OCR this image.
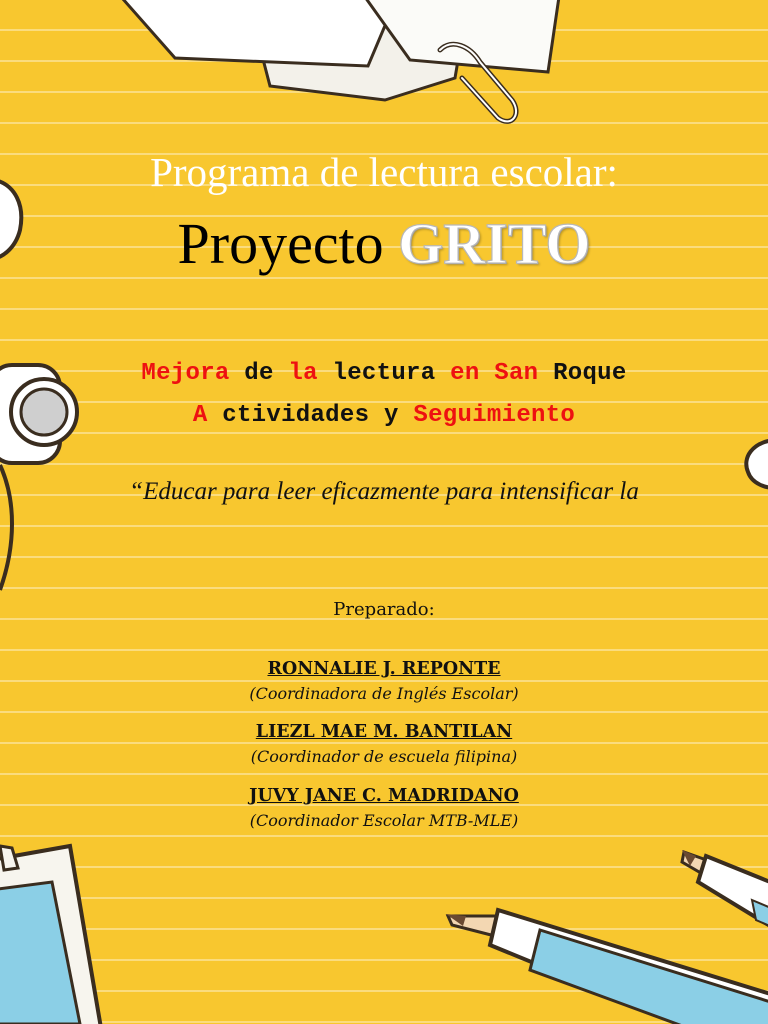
Programa de lectura escolar:
Proyecto GRITO
Mejora de la lectura en San Roque
A ctividades y Seguimiento
“Educar para leer eficazmente para intensificar la
Preparado:
RONNALIE J. REPONTE
(Coordinadora de Inglés Escolar)
LIEZL MAE M. BANTILAN
(Coordinador de escuela filipina)
JUVY JANE C. MADRIDANO
(Coordinador Escolar MTB-MLE)
